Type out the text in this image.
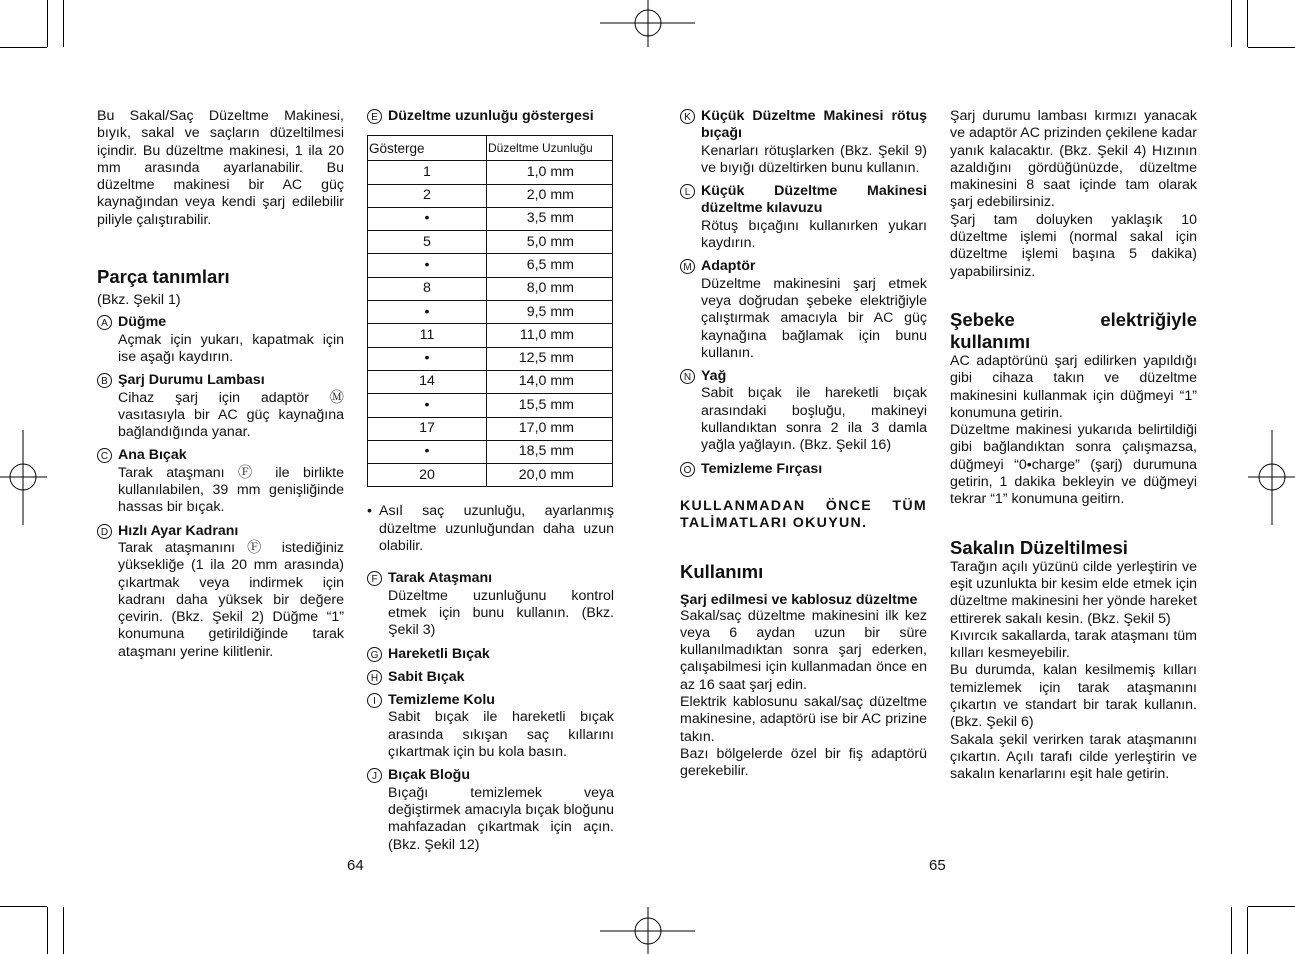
Bu Sakal/Saç Düzeltme Makinesi, bıyık, sakal ve saçların düzeltilmesi içindir. Bu düzeltme makinesi, 1 ila 20 mm arasında ayarlanabilir. Bu düzeltme makinesi bir AC güç kaynağından veya kendi şarj edilebilir piliyle çalıştırabilir.

Parça tanımları

(Bkz. Şekil 1)

A Düğme
Açmak için yukarı, kapatmak için ise aşağı kaydırın.
B Şarj Durumu Lambası
Cihaz şarj için adaptör Ⓜ vasıtasıyla bir AC güç kaynağına bağlandığında yanar.
C Ana Bıçak
Tarak ataşmanı Ⓕ ile birlikte kullanılabilen, 39 mm genişliğinde hassas bir bıçak.
D Hızlı Ayar Kadranı
Tarak ataşmanını Ⓕ istediğiniz yüksekliğe (1 ila 20 mm arasında) çıkartmak veya indirmek için kadranı daha yüksek bir değere çevirin. (Bkz. Şekil 2) Düğme “1” konumuna getirildiğinde tarak ataşmanı yerine kilitlenir.
E Düzeltme uzunluğu göstergesi
Gösterge	Düzeltme Uzunluğu
1	1,0 mm
2	2,0 mm
•	3,5 mm
5	5,0 mm
•	6,5 mm
8	8,0 mm
•	9,5 mm
11	11,0 mm
•	12,5 mm
14	14,0 mm
•	15,5 mm
17	17,0 mm
•	18,5 mm
20	20,0 mm
• Asıl saç uzunluğu, ayarlanmış düzeltme uzunluğundan daha uzun olabilir.
F Tarak Ataşmanı
Düzeltme uzunluğunu kontrol etmek için bunu kullanın. (Bkz. Şekil 3)
G Hareketli Bıçak
H Sabit Bıçak
I Temizleme Kolu
Sabit bıçak ile hareketli bıçak arasında sıkışan saç kıllarını çıkartmak için bu kola basın.
J Bıçak Bloğu
Bıçağı temizlemek veya değiştirmek amacıyla bıçak bloğunu mahfazadan çıkartmak için açın. (Bkz. Şekil 12)
64
K Küçük Düzeltme Makinesi rötuş bıçağı
Kenarları rötuşlarken (Bkz. Şekil 9) ve bıyığı düzeltirken bunu kullanın.
L Küçük Düzeltme Makinesi düzeltme kılavuzu
Rötuş bıçağını kullanırken yukarı kaydırın.
M Adaptör
Düzeltme makinesini şarj etmek veya doğrudan şebeke elektriğiyle çalıştırmak amacıyla bir AC güç kaynağına bağlamak için bunu kullanın.
N Yağ
Sabit bıçak ile hareketli bıçak arasındaki boşluğu, makineyi kullandıktan sonra 2 ila 3 damla yağla yağlayın. (Bkz. Şekil 16)
O Temizleme Fırçası

KULLANMADAN ÖNCE TÜM TALİMATLARI OKUYUN.

Kullanımı

Şarj edilmesi ve kablosuz düzeltme

Sakal/saç düzeltme makinesini ilk kez veya 6 aydan uzun bir süre kullanılmadıktan sonra şarj ederken, çalışabilmesi için kullanmadan önce en az 16 saat şarj edin.

Elektrik kablosunu sakal/saç düzeltme makinesine, adaptörü ise bir AC prizine takın.

Bazı bölgelerde özel bir fiş adaptörü gerekebilir.

Şarj durumu lambası kırmızı yanacak ve adaptör AC prizinden çekilene kadar yanık kalacaktır. (Bkz. Şekil 4) Hızının azaldığını gördüğünüzde, düzeltme makinesini 8 saat içinde tam olarak şarj edebilirsiniz.

Şarj tam doluyken yaklaşık 10 düzeltme işlemi (normal sakal için düzeltme işlemi başına 5 dakika) yapabilirsiniz.

Şebeke elektriğiyle kullanımı

AC adaptörünü şarj edilirken yapıldığı gibi cihaza takın ve düzeltme makinesini kullanmak için düğmeyi “1” konumuna getirin.

Düzeltme makinesi yukarıda belirtildiği gibi bağlandıktan sonra çalışmazsa, düğmeyi “0•charge” (şarj) durumuna getirin, 1 dakika bekleyin ve düğmeyi tekrar “1” konumuna geitirn.

Sakalın Düzeltilmesi

Tarağın açılı yüzünü cilde yerleştirin ve eşit uzunlukta bir kesim elde etmek için düzeltme makinesini her yönde hareket ettirerek sakalı kesin. (Bkz. Şekil 5)

Kıvırcık sakallarda, tarak ataşmanı tüm kılları kesmeyebilir.

Bu durumda, kalan kesilmemiş kılları temizlemek için tarak ataşmanını çıkartın ve standart bir tarak kullanın. (Bkz. Şekil 6)

Sakala şekil verirken tarak ataşmanını çıkartın. Açılı tarafı cilde yerleştirin ve sakalın kenarlarını eşit hale getirin.

65
